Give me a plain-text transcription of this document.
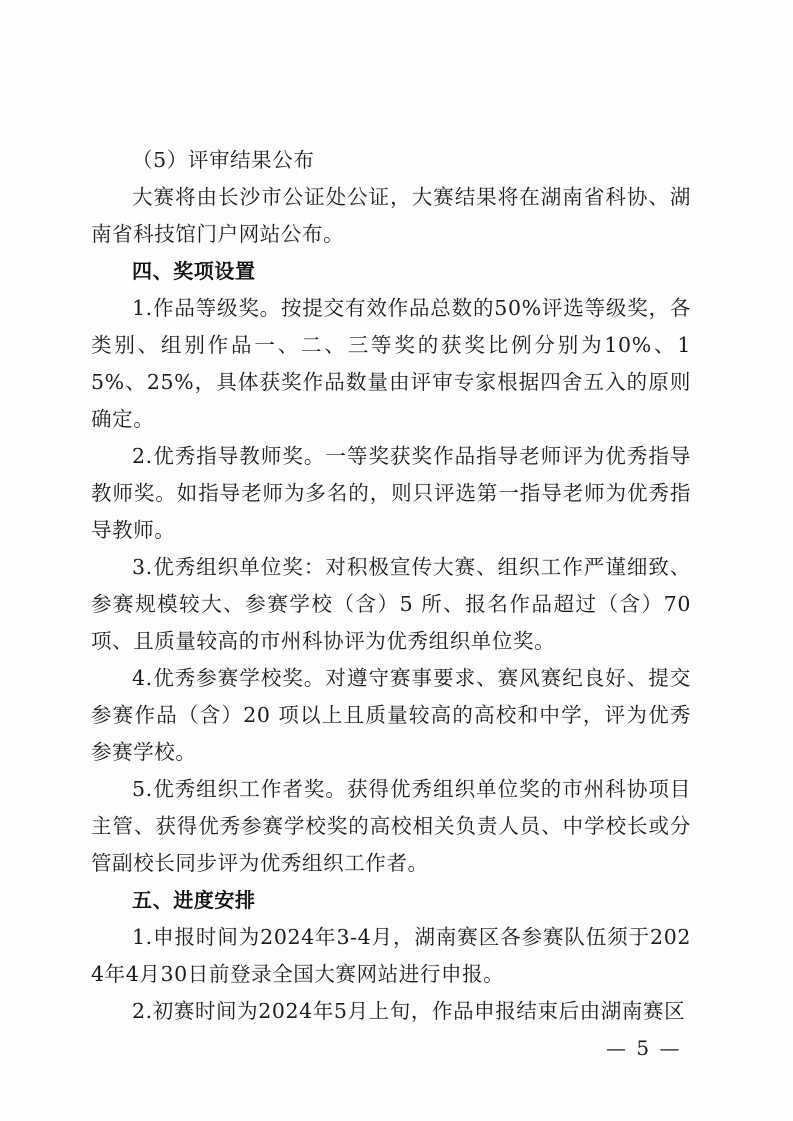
（5）评审结果公布

大赛将由长沙市公证处公证，大赛结果将在湖南省科协、湖南省科技馆门户网站公布。

四、奖项设置

1.作品等级奖。按提交有效作品总数的50%评选等级奖，各类别、组别作品一、二、三等奖的获奖比例分别为10%、15%、25%，具体获奖作品数量由评审专家根据四舍五入的原则确定。

2.优秀指导教师奖。一等奖获奖作品指导老师评为优秀指导教师奖。如指导老师为多名的，则只评选第一指导老师为优秀指导教师。

3.优秀组织单位奖：对积极宣传大赛、组织工作严谨细致、参赛规模较大、参赛学校（含）5 所、报名作品超过（含）70项、且质量较高的市州科协评为优秀组织单位奖。

4.优秀参赛学校奖。对遵守赛事要求、赛风赛纪良好、提交参赛作品（含）20 项以上且质量较高的高校和中学，评为优秀参赛学校。

5.优秀组织工作者奖。获得优秀组织单位奖的市州科协项目主管、获得优秀参赛学校奖的高校相关负责人员、中学校长或分管副校长同步评为优秀组织工作者。

五、进度安排

1.申报时间为2024年3-4月，湖南赛区各参赛队伍须于2024年4月30日前登录全国大赛网站进行申报。

2.初赛时间为2024年5月上旬，作品申报结束后由湖南赛区

— 5 —
